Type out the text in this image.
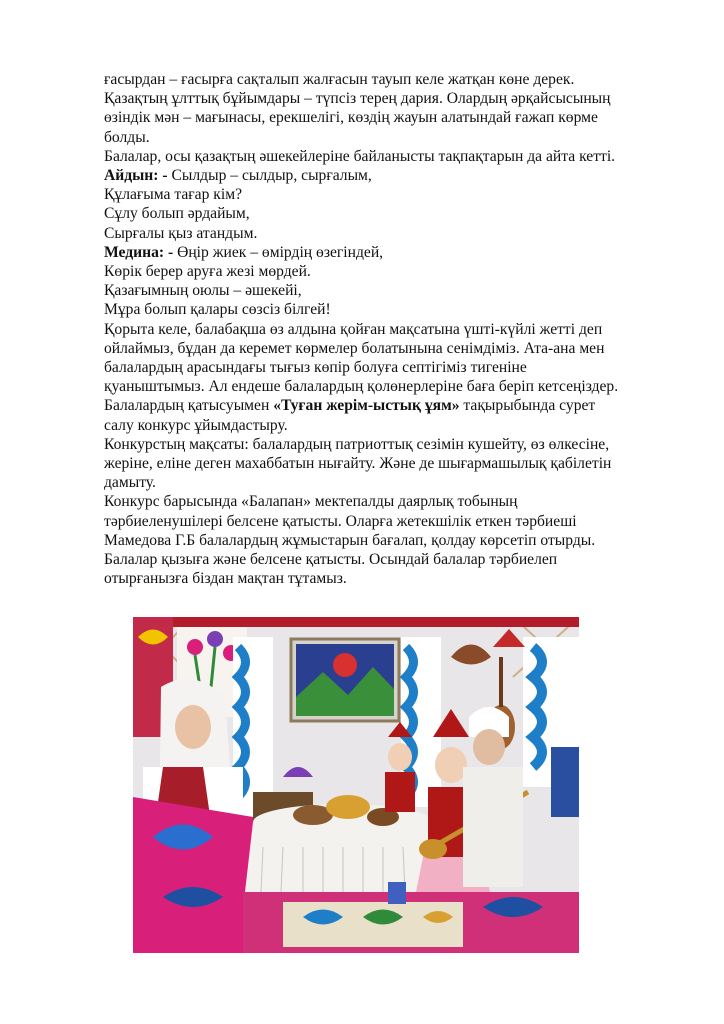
ғасырдан – ғасырға сақталып жалғасын тауып келе жатқан көне дерек.
Қазақтың ұлттық бұйымдары – түпсіз терең дария. Олардың әрқайсысының
өзіндік мән – мағынасы, ерекшелігі, көздің жауын алатындай ғажап көрме
болды.
Балалар, осы қазақтың әшекейлеріне байланысты тақпақтарын да айта кетті.
Айдын: - Сылдыр – сылдыр, сырғалым,
Құлағыма тағар кім?
Сұлу болып әрдайым,
Сырғалы қыз атандым.
Медина: - Өңір жиек – өмірдің өзегіндей,
Көрік берер аруға жезі мөрдей.
Қазағымның оюлы – әшекейі,
Мұра болып қалары сөзсіз білгей!
Қорыта келе, балабақша өз алдына қойған мақсатына үшті-күйлі жетті деп
ойлаймыз, бұдан да керемет көрмелер болатынына сенімдіміз. Ата-ана мен
балалардың арасындағы тығыз көпір болуға септігіміз тигеніне
қуаныштымыз. Ал ендеше балалардың қолөнерлеріне баға беріп кетсеңіздер.
Балалардың қатысуымен «Туған жерім-ыстық ұям» тақырыбында сурет
салу конкурс ұйымдастыру.
Конкурстың мақсаты: балалардың патриоттық сезімін кушейту, өз өлкесіне,
жеріне, еліне деген махаббатын нығайту. Және де шығармашылық қабілетін
дамыту.
Конкурс барысында «Балапан» мектепалды даярлық тобының
тәрбиеленушілері белсене қатысты. Оларға жетекшілік еткен тәрбиеші
Мамедова Г.Б балалардың жұмыстарын бағалап, қолдау көрсетіп отырды.
Балалар қызыға және белсене қатысты. Осындай балалар тәрбиелеп
отырғанызға біздан мақтан тұтамыз.
